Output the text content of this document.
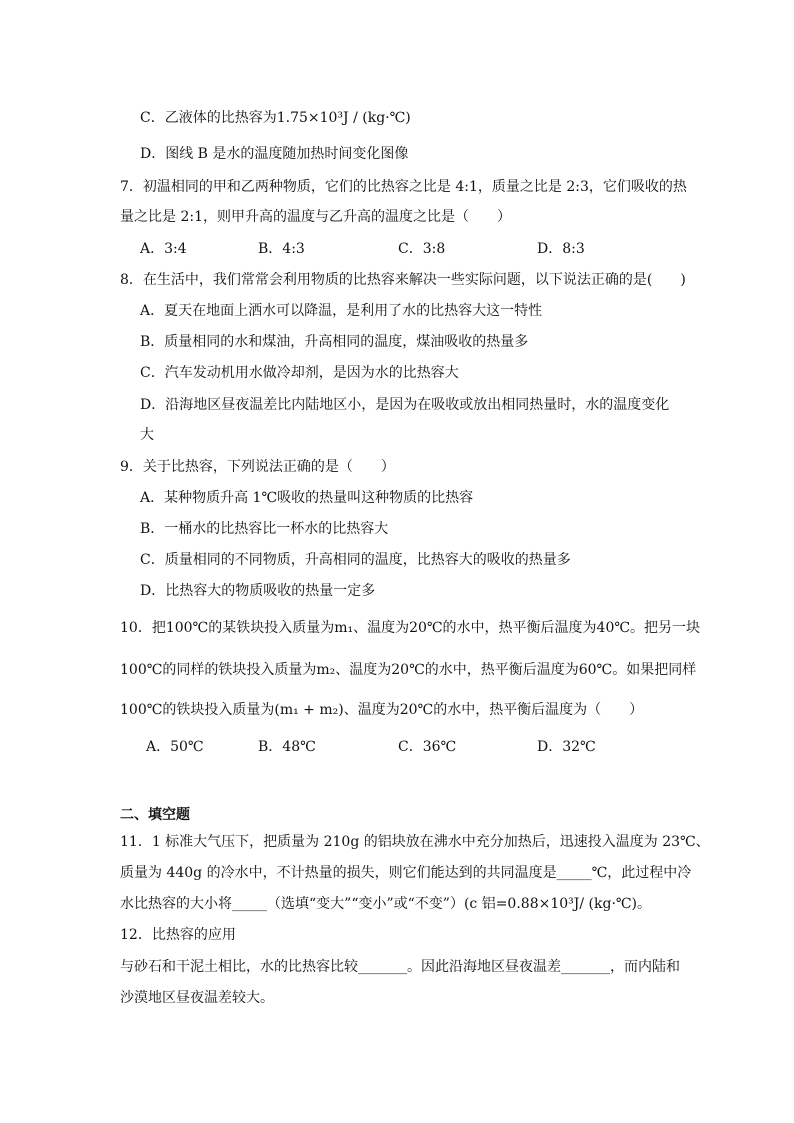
C．乙液体的比热容为1.75×10³J / (kg·℃)
D．图线 B 是水的温度随加热时间变化图像
7．初温相同的甲和乙两种物质，它们的比热容之比是 4:1，质量之比是 2:3，它们吸收的热
量之比是 2:1，则甲升高的温度与乙升高的温度之比是（　　）
A．3:4	B．4:3	C．3:8	D．8:3
8．在生活中，我们常常会利用物质的比热容来解决一些实际问题，以下说法正确的是(　　)
A．夏天在地面上洒水可以降温，是利用了水的比热容大这一特性
B．质量相同的水和煤油，升高相同的温度，煤油吸收的热量多
C．汽车发动机用水做冷却剂，是因为水的比热容大
D．沿海地区昼夜温差比内陆地区小，是因为在吸收或放出相同热量时，水的温度变化
大
9．关于比热容，下列说法正确的是（　　）
A．某种物质升高 1℃吸收的热量叫这种物质的比热容
B．一桶水的比热容比一杯水的比热容大
C．质量相同的不同物质，升高相同的温度，比热容大的吸收的热量多
D．比热容大的物质吸收的热量一定多
10．把100℃的某铁块投入质量为m₁、温度为20℃的水中，热平衡后温度为40℃。把另一块
100℃的同样的铁块投入质量为m₂、温度为20℃的水中，热平衡后温度为60℃。如果把同样
100℃的铁块投入质量为(m₁ + m₂)、温度为20℃的水中，热平衡后温度为（　　）
A．50℃	B．48℃	C．36℃	D．32℃
二、填空题
11．1 标准大气压下，把质量为 210g 的铝块放在沸水中充分加热后，迅速投入温度为 23℃、
质量为 440g 的冷水中，不计热量的损失，则它们能达到的共同温度是_____℃，此过程中冷
水比热容的大小将_____（选填“变大”“变小”或“不变”）(c 铝=0.88×10³J/ (kg·℃)。
12．比热容的应用
与砂石和干泥土相比，水的比热容比较_______。因此沿海地区昼夜温差_______，而内陆和
沙漠地区昼夜温差较大。
